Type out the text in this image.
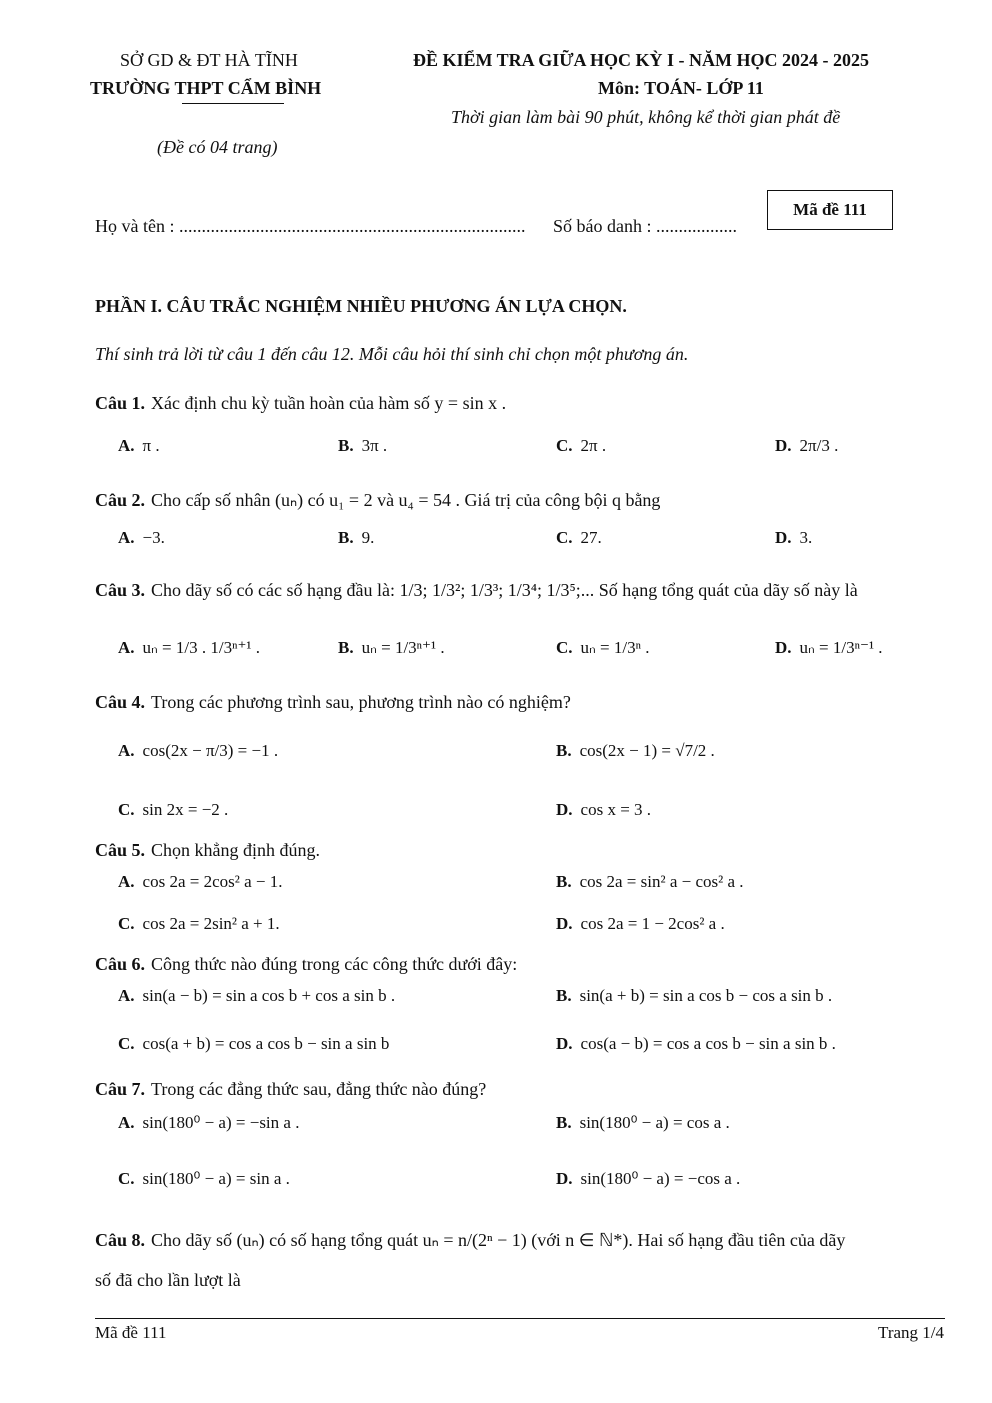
SỞ GD & ĐT HÀ TĨNH
TRƯỜNG THPT CẨM BÌNH
(Đề có 04 trang)
ĐỀ KIỂM TRA GIỮA HỌC KỲ I - NĂM HỌC 2024 - 2025
Môn: TOÁN- LỚP 11
Thời gian làm bài 90 phút, không kể thời gian phát đề
Họ và tên : ............................................................................. Số báo danh : ..................
Mã đề 111
PHẦN I. CÂU TRẮC NGHIỆM NHIỀU PHƯƠNG ÁN LỰA CHỌN.
Thí sinh trả lời từ câu 1 đến câu 12. Mỗi câu hỏi thí sinh chỉ chọn một phương án.
Câu 1. Xác định chu kỳ tuần hoàn của hàm số y = sin x .
A. π .	B. 3π .	C. 2π .	D. 2π/3 .
Câu 2. Cho cấp số nhân (uₙ) có u₁ = 2 và u₄ = 54 . Giá trị của công bội q bằng
A. −3.	B. 9.	C. 27.	D. 3.
Câu 3. Cho dãy số có các số hạng đầu là: 1/3; 1/3²; 1/3³; 1/3⁴; 1/3⁵;... Số hạng tổng quát của dãy số này là
A. uₙ = 1/3 . 1/3ⁿ⁺¹ .	B. uₙ = 1/3ⁿ⁺¹ .	C. uₙ = 1/3ⁿ .	D. uₙ = 1/3ⁿ⁻¹ .
Câu 4. Trong các phương trình sau, phương trình nào có nghiệm?
A. cos(2x − π/3) = −1 .	B. cos(2x − 1) = √7/2 .
C. sin 2x = −2 .	D. cos x = 3 .
Câu 5. Chọn khẳng định đúng.
A. cos 2a = 2cos² a − 1.	B. cos 2a = sin² a − cos² a .
C. cos 2a = 2sin² a + 1.	D. cos 2a = 1 − 2cos² a .
Câu 6. Công thức nào đúng trong các công thức dưới đây:
A. sin(a − b) = sin a cos b + cos a sin b .	B. sin(a + b) = sin a cos b − cos a sin b .
C. cos(a + b) = cos a cos b − sin a sin b	D. cos(a − b) = cos a cos b − sin a sin b .
Câu 7. Trong các đẳng thức sau, đẳng thức nào đúng?
A. sin(180⁰ − a) = −sin a .	B. sin(180⁰ − a) = cos a .
C. sin(180⁰ − a) = sin a .	D. sin(180⁰ − a) = −cos a .
Câu 8. Cho dãy số (uₙ) có số hạng tổng quát uₙ = n/(2ⁿ − 1) (với n ∈ ℕ*). Hai số hạng đầu tiên của dãy
số đã cho lần lượt là
Mã đề 111	Trang 1/4
